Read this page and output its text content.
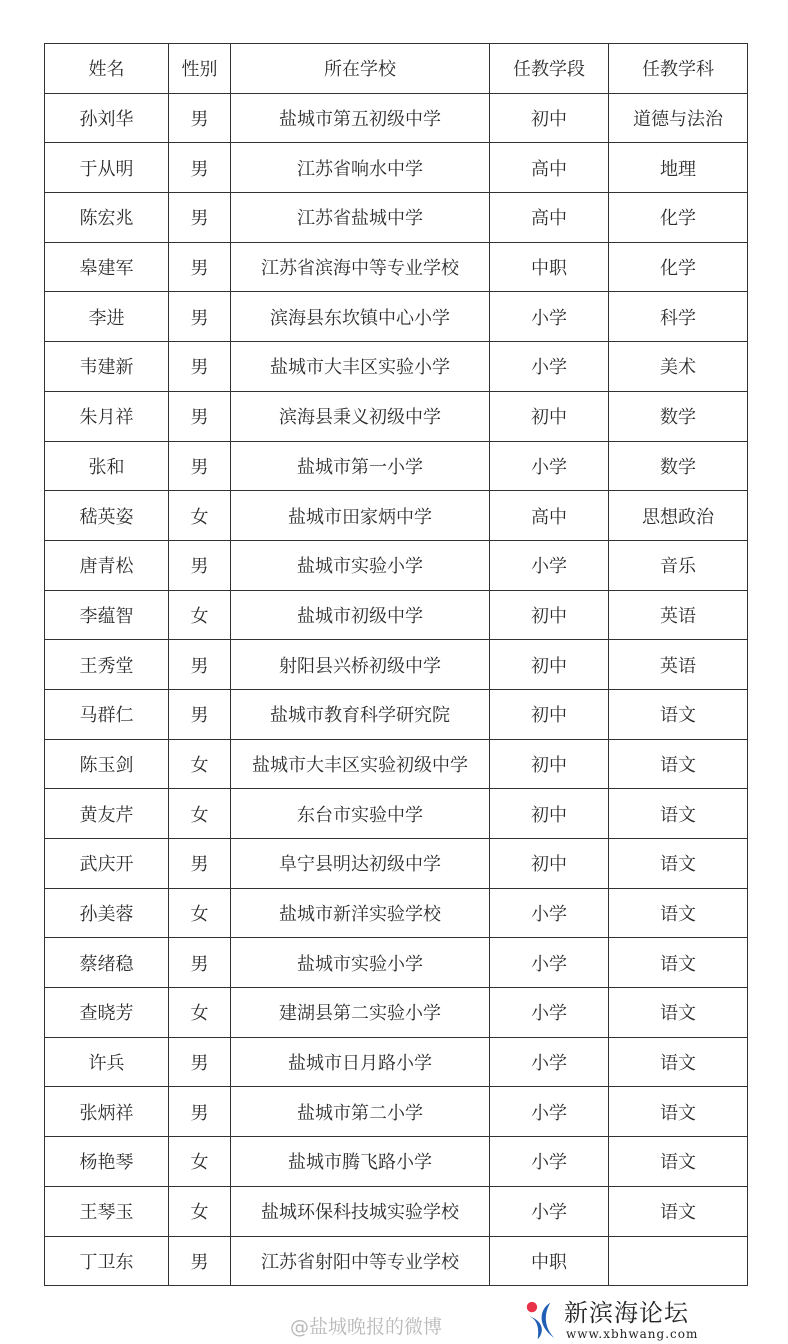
姓名	性别	所在学校	任教学段	任教学科
孙刘华	男	盐城市第五初级中学	初中	道德与法治
于从明	男	江苏省响水中学	高中	地理
陈宏兆	男	江苏省盐城中学	高中	化学
皋建军	男	江苏省滨海中等专业学校	中职	化学
李进	男	滨海县东坎镇中心小学	小学	科学
韦建新	男	盐城市大丰区实验小学	小学	美术
朱月祥	男	滨海县秉义初级中学	初中	数学
张和	男	盐城市第一小学	小学	数学
嵇英姿	女	盐城市田家炳中学	高中	思想政治
唐青松	男	盐城市实验小学	小学	音乐
李蕴智	女	盐城市初级中学	初中	英语
王秀堂	男	射阳县兴桥初级中学	初中	英语
马群仁	男	盐城市教育科学研究院	初中	语文
陈玉剑	女	盐城市大丰区实验初级中学	初中	语文
黄友芹	女	东台市实验中学	初中	语文
武庆开	男	阜宁县明达初级中学	初中	语文
孙美蓉	女	盐城市新洋实验学校	小学	语文
蔡绪稳	男	盐城市实验小学	小学	语文
查晓芳	女	建湖县第二实验小学	小学	语文
许兵	男	盐城市日月路小学	小学	语文
张炳祥	男	盐城市第二小学	小学	语文
杨艳琴	女	盐城市腾飞路小学	小学	语文
王琴玉	女	盐城环保科技城实验学校	小学	语文
丁卫东	男	江苏省射阳中等专业学校	中职	
新滨海论坛
www.xbhwang.com
@盐城晚报的微博
